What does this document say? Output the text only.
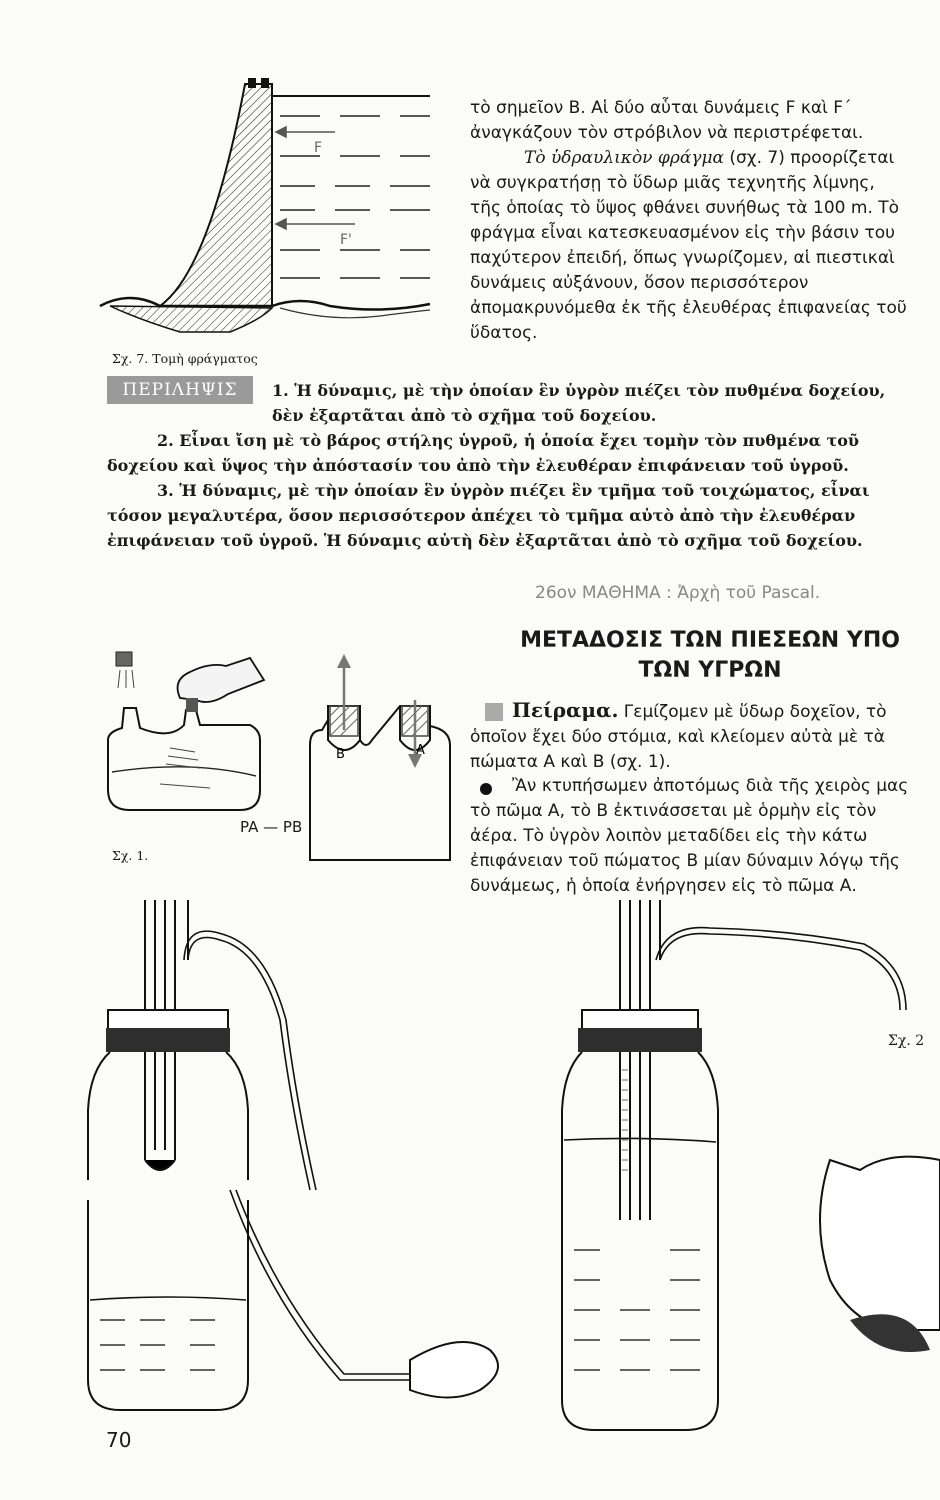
F
F'
Σχ. 7. Τομὴ φράγματος
τὸ σημεῖον Β. Αἱ δύο αὗται δυνάμεις F καὶ F΄ ἀναγκάζουν τὸν στρόβιλον νὰ περιστρέφεται.
Τὸ ὑδραυλικὸν φράγμα (σχ. 7) προορίζεται νὰ συγκρατήσῃ τὸ ὕδωρ μιᾶς τεχνητῆς λίμνης, τῆς ὁποίας τὸ ὕψος φθάνει συνήθως τὰ 100 m. Τὸ φράγμα εἶναι κατεσκευασμένον εἰς τὴν βάσιν του παχύτερον ἐπειδή, ὅπως γνωρίζομεν, αἱ πιεστικαὶ δυνάμεις αὐξάνουν, ὅσον περισσότερον ἀπομακρυνόμεθα ἐκ τῆς ἐλευθέρας ἐπιφανείας τοῦ ὕδατος.
ΠΕΡΙΛΗΨΙΣ	1. Ἡ δύναμις, μὲ τὴν ὁποίαν ἓν ὑγρὸν πιέζει τὸν πυθμένα δοχείου, δὲν ἐξαρτᾶται ἀπὸ τὸ σχῆμα τοῦ δοχείου.
2. Εἶναι ἴση μὲ τὸ βάρος στήλης ὑγροῦ, ἡ ὁποία ἔχει τομὴν τὸν πυθμένα τοῦ δοχείου καὶ ὕψος τὴν ἀπόστασίν του ἀπὸ τὴν ἐλευθέραν ἐπιφάνειαν τοῦ ὑγροῦ.
3. Ἡ δύναμις, μὲ τὴν ὁποίαν ἓν ὑγρὸν πιέζει ἓν τμῆμα τοῦ τοιχώματος, εἶναι τόσον μεγαλυτέρα, ὅσον περισσότερον ἀπέχει τὸ τμῆμα αὐτὸ ἀπὸ τὴν ἐλευθέραν ἐπιφάνειαν τοῦ ὑγροῦ. Ἡ δύναμις αὐτὴ δὲν ἐξαρτᾶται ἀπὸ τὸ σχῆμα τοῦ δοχείου.
26ον ΜΑΘΗΜΑ : Ἀρχὴ τοῦ Pascal.
ΜΕΤΑΔΟΣΙΣ ΤΩΝ ΠΙΕΣΕΩΝ ΥΠΟ
ΤΩΝ ΥΓΡΩΝ
Πείραμα. Γεμίζομεν μὲ ὕδωρ δοχεῖον, τὸ ὁποῖον ἔχει δύο στόμια, καὶ κλείομεν αὐτὰ μὲ τὰ πώματα Α καὶ Β (σχ. 1).
Ἂν κτυπήσωμεν ἀποτόμως διὰ τῆς χειρὸς μας τὸ πῶμα Α, τὸ Β ἐκτινάσσεται μὲ ὁρμὴν εἰς τὸν ἀέρα. Τὸ ὑγρὸν λοιπὸν μεταδίδει εἰς τὴν κάτω ἐπιφάνειαν τοῦ πώματος Β μίαν δύναμιν λόγῳ τῆς δυνάμεως, ἡ ὁποία ἐνήργησεν εἰς τὸ πῶμα Α.
Β	Α
PA — PB
Σχ. 1.
Σχ. 2
70
